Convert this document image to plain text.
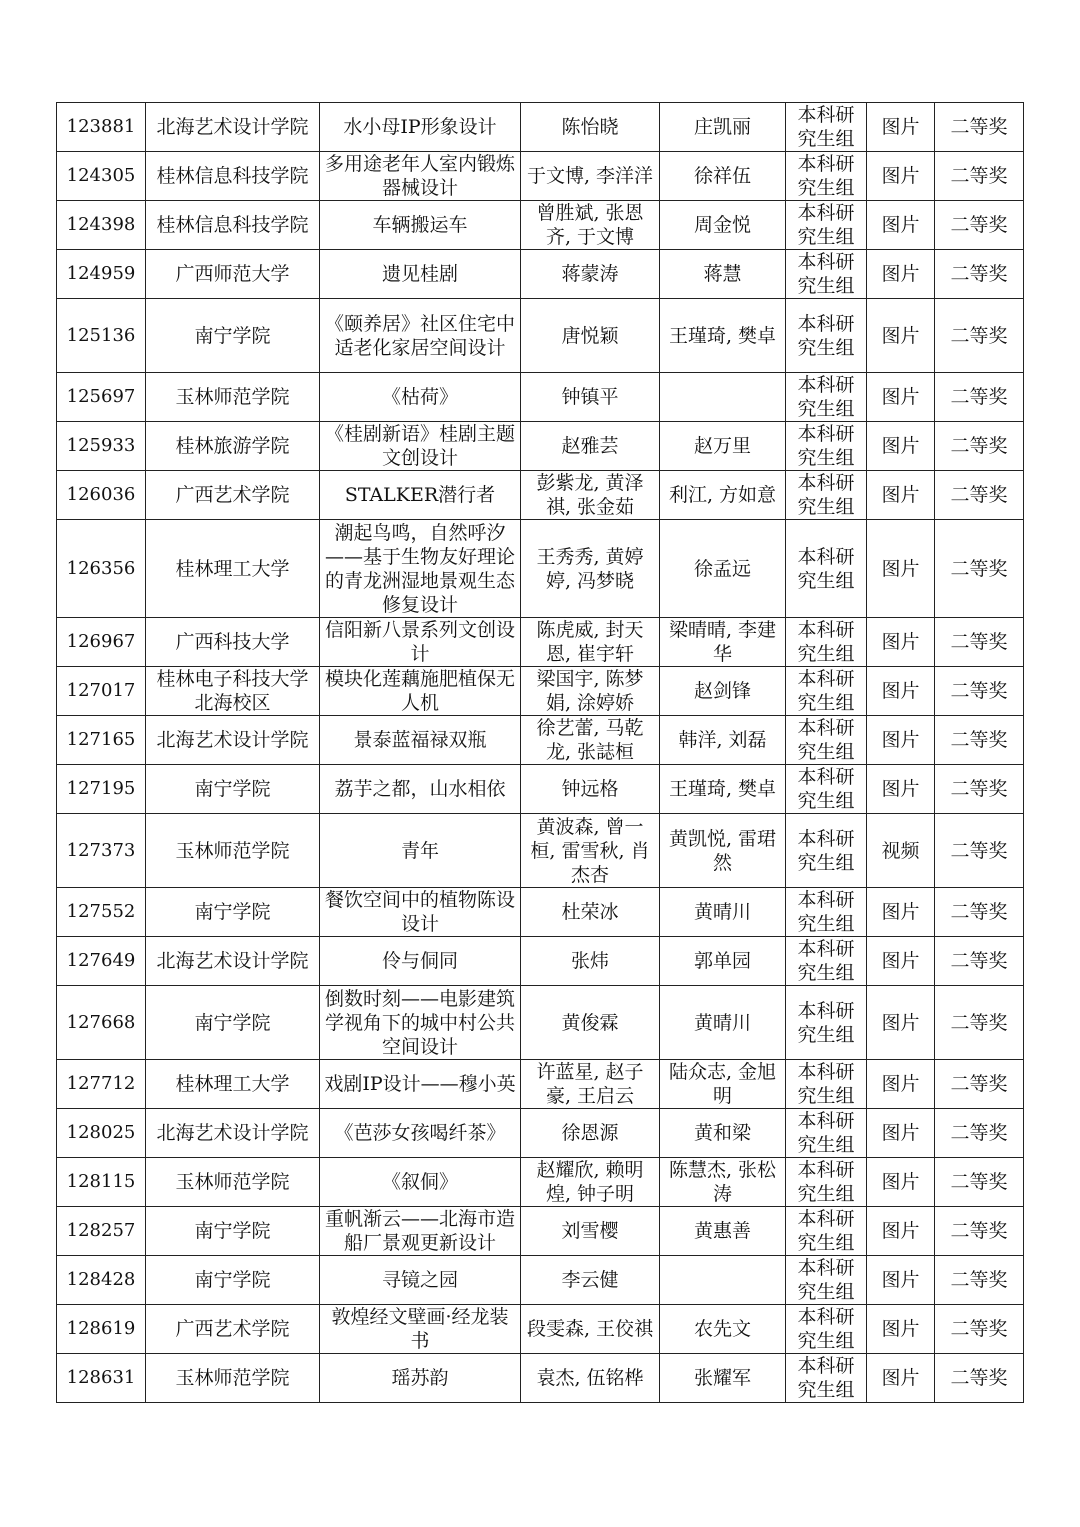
123881	北海艺术设计学院	水小母IP形象设计	陈怡晓	庄凯丽	本科研究生组	图片	二等奖
124305	桂林信息科技学院	多用途老年人室内锻炼器械设计	于文博, 李洋洋	徐祥伍	本科研究生组	图片	二等奖
124398	桂林信息科技学院	车辆搬运车	曾胜斌, 张恩齐, 于文博	周金悦	本科研究生组	图片	二等奖
124959	广西师范大学	遗见桂剧	蒋蒙涛	蒋慧	本科研究生组	图片	二等奖
125136	南宁学院	《颐养居》社区住宅中适老化家居空间设计	唐悦颖	王瑾琦, 樊卓	本科研究生组	图片	二等奖
125697	玉林师范学院	《枯荷》	钟镇平		本科研究生组	图片	二等奖
125933	桂林旅游学院	《桂剧新语》桂剧主题文创设计	赵雅芸	赵万里	本科研究生组	图片	二等奖
126036	广西艺术学院	STALKER潜行者	彭紫龙, 黄泽祺, 张金茹	利江, 方如意	本科研究生组	图片	二等奖
126356	桂林理工大学	潮起鸟鸣，自然呼汐——基于生物友好理论的青龙洲湿地景观生态修复设计	王秀秀, 黄婷婷, 冯梦晓	徐孟远	本科研究生组	图片	二等奖
126967	广西科技大学	信阳新八景系列文创设计	陈虎威, 封天恩, 崔宇轩	梁晴晴, 李建华	本科研究生组	图片	二等奖
127017	桂林电子科技大学北海校区	模块化莲藕施肥植保无人机	梁国宇, 陈梦娟, 涂婷娇	赵剑锋	本科研究生组	图片	二等奖
127165	北海艺术设计学院	景泰蓝福禄双瓶	徐艺蕾, 马乾龙, 张誌桓	韩洋, 刘磊	本科研究生组	图片	二等奖
127195	南宁学院	荔芋之都，山水相依	钟远格	王瑾琦, 樊卓	本科研究生组	图片	二等奖
127373	玉林师范学院	青年	黄波森, 曾一桓, 雷雪秋, 肖杰杏	黄凯悦, 雷珺然	本科研究生组	视频	二等奖
127552	南宁学院	餐饮空间中的植物陈设设计	杜荣冰	黄晴川	本科研究生组	图片	二等奖
127649	北海艺术设计学院	伶与侗同	张炜	郭单园	本科研究生组	图片	二等奖
127668	南宁学院	倒数时刻——电影建筑学视角下的城中村公共空间设计	黄俊霖	黄晴川	本科研究生组	图片	二等奖
127712	桂林理工大学	戏剧IP设计——穆小英	许蓝星, 赵子豪, 王启云	陆众志, 金旭明	本科研究生组	图片	二等奖
128025	北海艺术设计学院	《芭莎女孩喝纤茶》	徐恩源	黄和梁	本科研究生组	图片	二等奖
128115	玉林师范学院	《叙侗》	赵耀欣, 赖明煌, 钟子明	陈慧杰, 张松涛	本科研究生组	图片	二等奖
128257	南宁学院	重帆渐云——北海市造船厂景观更新设计	刘雪樱	黄惠善	本科研究生组	图片	二等奖
128428	南宁学院	寻镜之园	李云健		本科研究生组	图片	二等奖
128619	广西艺术学院	敦煌经文壁画·经龙装书	段雯森, 王佼祺	农先文	本科研究生组	图片	二等奖
128631	玉林师范学院	瑶苏韵	袁杰, 伍铭桦	张耀军	本科研究生组	图片	二等奖
